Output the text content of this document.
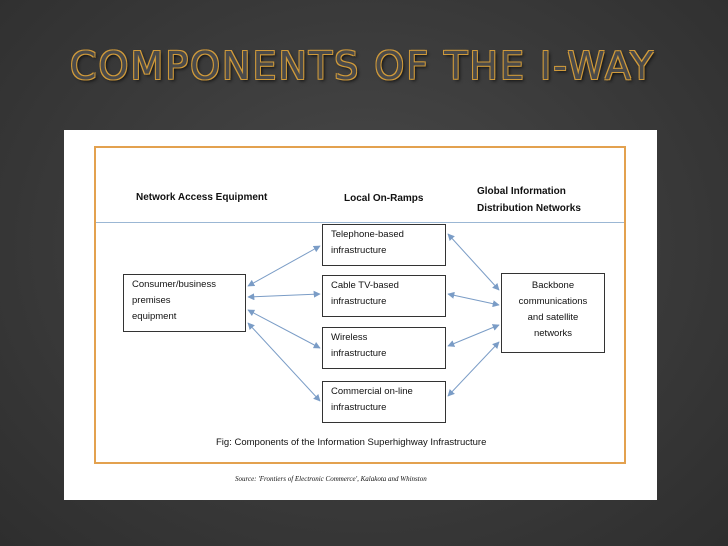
COMPONENTS OF THE I-WAY
Network Access Equipment	Local On-Ramps
Global Information
Distribution Networks
Consumer/business
premises
equipment
Telephone-based
infrastructure
Cable TV-based
infrastructure
Wireless
infrastructure
Commercial on-line
infrastructure
Backbone
communications
and satellite
networks
Fig: Components of the Information Superhighway Infrastructure
Source: 'Frontiers of Electronic Commerce', Kalakota and Whinston
